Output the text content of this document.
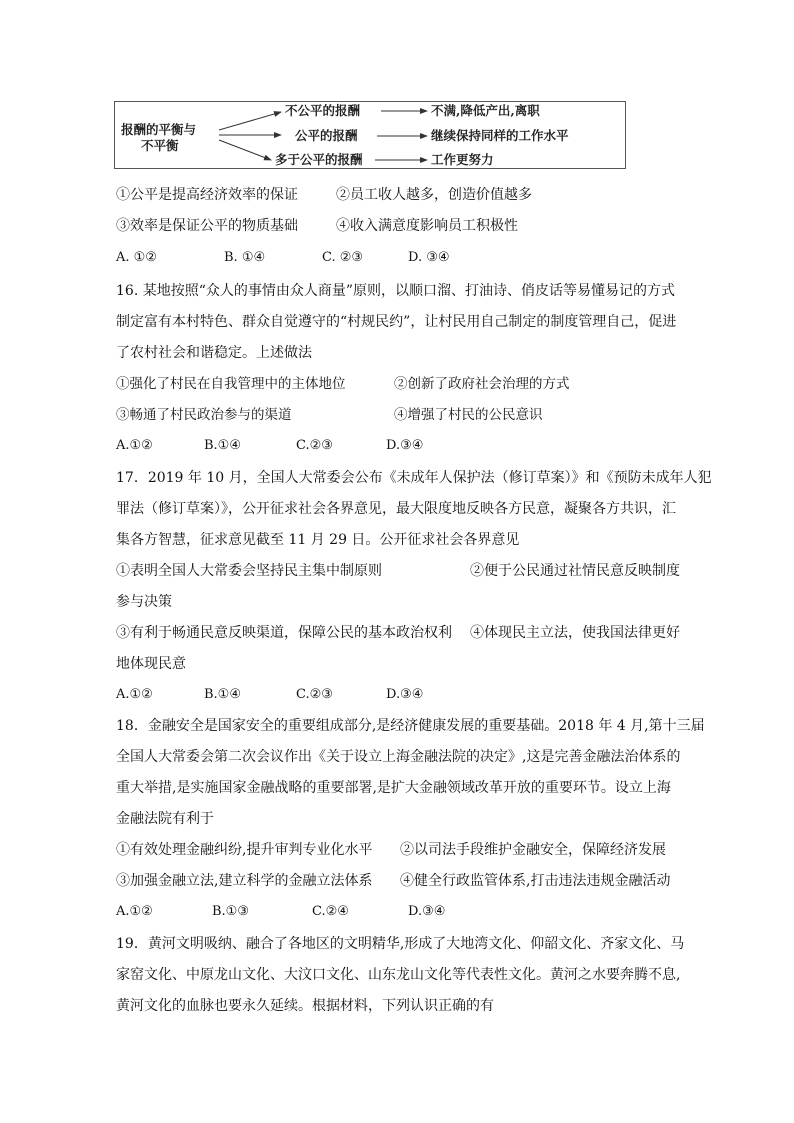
报酬的平衡与
不平衡
不公平的报酬
公平的报酬
多于公平的报酬
不满,降低产出,离职
继续保持同样的工作水平
工作更努力
①公平是提高经济效率的保证	②员工收人越多，创造价值越多
③效率是保证公平的物质基础	④收入满意度影响员工积极性
A. ①②	B. ①④	C. ②③	D. ③④
16. 某地按照“众人的事情由众人商量”原则，以顺口溜、打油诗、俏皮话等易懂易记的方式
制定富有本村特色、群众自觉遵守的“村规民约”，让村民用自己制定的制度管理自己，促进
了农村社会和谐稳定。上述做法
①强化了村民在自我管理中的主体地位	②创新了政府社会治理的方式
③畅通了村民政治参与的渠道	④增强了村民的公民意识
A.①②	B.①④	C.②③	D.③④
17．2019 年 10 月，全国人大常委会公布《未成年人保护法（修订草案）》和《预防未成年人犯
罪法（修订草案）》，公开征求社会各界意见，最大限度地反映各方民意，凝聚各方共识，汇
集各方智慧，征求意见截至 11 月 29 日。公开征求社会各界意见
①表明全国人大常委会坚持民主集中制原则	②便于公民通过社情民意反映制度
参与决策
③有利于畅通民意反映渠道，保障公民的基本政治权利 ④体现民主立法，使我国法律更好
地体现民意
A.①②	B.①④	C.②③	D.③④
18．金融安全是国家安全的重要组成部分,是经济健康发展的重要基础。2018 年 4 月,第十三届
全国人大常委会第二次会议作出《关于设立上海金融法院的决定》,这是完善金融法治体系的
重大举措,是实施国家金融战略的重要部署,是扩大金融领域改革开放的重要环节。设立上海
金融法院有利于
①有效处理金融纠纷,提升审判专业化水平 ②以司法手段维护金融安全，保障经济发展
③加强金融立法,建立科学的金融立法体系 ④健全行政监管体系,打击违法违规金融活动
A.①②	B.①③	C.②④	D.③④
19．黄河文明吸纳、融合了各地区的文明精华,形成了大地湾文化、仰韶文化、齐家文化、马
家窑文化、中原龙山文化、大汶口文化、山东龙山文化等代表性文化。黄河之水要奔腾不息,
黄河文化的血脉也要永久延续。根据材料，下列认识正确的有
